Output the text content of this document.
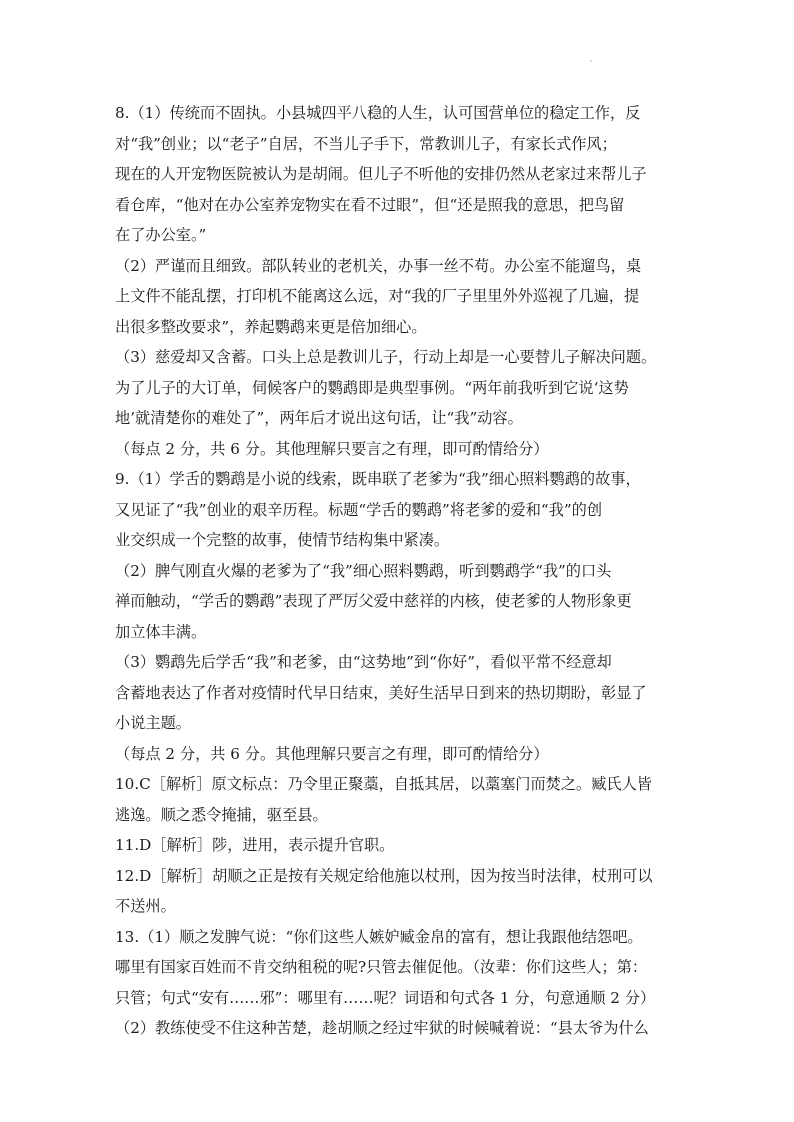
8.（1）传统而不固执。小县城四平八稳的人生，认可国营单位的稳定工作，反
对“我”创业；以“老子”自居，不当儿子手下，常教训儿子，有家长式作风；
现在的人开宠物医院被认为是胡闹。但儿子不听他的安排仍然从老家过来帮儿子
看仓库，“他对在办公室养宠物实在看不过眼”，但“还是照我的意思，把鸟留
在了办公室。”
（2）严谨而且细致。部队转业的老机关，办事一丝不苟。办公室不能遛鸟，桌
上文件不能乱摆，打印机不能离这么远，对“我的厂子里里外外巡视了几遍，提
出很多整改要求”，养起鹦鹉来更是倍加细心。
（3）慈爱却又含蓄。口头上总是教训儿子，行动上却是一心要替儿子解决问题。
为了儿子的大订单，伺候客户的鹦鹉即是典型事例。“两年前我听到它说‘这势
地’就清楚你的难处了”，两年后才说出这句话，让“我”动容。
（每点 2 分，共 6 分。其他理解只要言之有理，即可酌情给分）
9.（1）学舌的鹦鹉是小说的线索，既串联了老爹为“我”细心照料鹦鹉的故事，
又见证了“我”创业的艰辛历程。标题“学舌的鹦鹉”将老爹的爱和“我”的创
业交织成一个完整的故事，使情节结构集中紧凑。
（2）脾气刚直火爆的老爹为了“我”细心照料鹦鹉，听到鹦鹉学“我”的口头
禅而触动，“学舌的鹦鹉”表现了严厉父爱中慈祥的内核，使老爹的人物形象更
加立体丰满。
（3）鹦鹉先后学舌“我”和老爹，由“这势地”到“你好”，看似平常不经意却
含蓄地表达了作者对疫情时代早日结束，美好生活早日到来的热切期盼，彰显了
小说主题。
（每点 2 分，共 6 分。其他理解只要言之有理，即可酌情给分）
10.C［解析］原文标点：乃令里正聚藁，自抵其居，以藁塞门而焚之。臧氏人皆
逃逸。顺之悉令掩捕，驱至县。
11.D［解析］陟，进用，表示提升官职。
12.D［解析］胡顺之正是按有关规定给他施以杖刑，因为按当时法律，杖刑可以
不送州。
13.（1）顺之发脾气说：“你们这些人嫉妒臧金帛的富有，想让我跟他结怨吧。
哪里有国家百姓而不肯交纳租税的呢?只管去催促他。（汝辈：你们这些人；第：
只管；句式“安有……邪”：哪里有……呢？词语和句式各 1 分，句意通顺 2 分）
（2）教练使受不住这种苦楚，趁胡顺之经过牢狱的时候喊着说：“县太爷为什么
